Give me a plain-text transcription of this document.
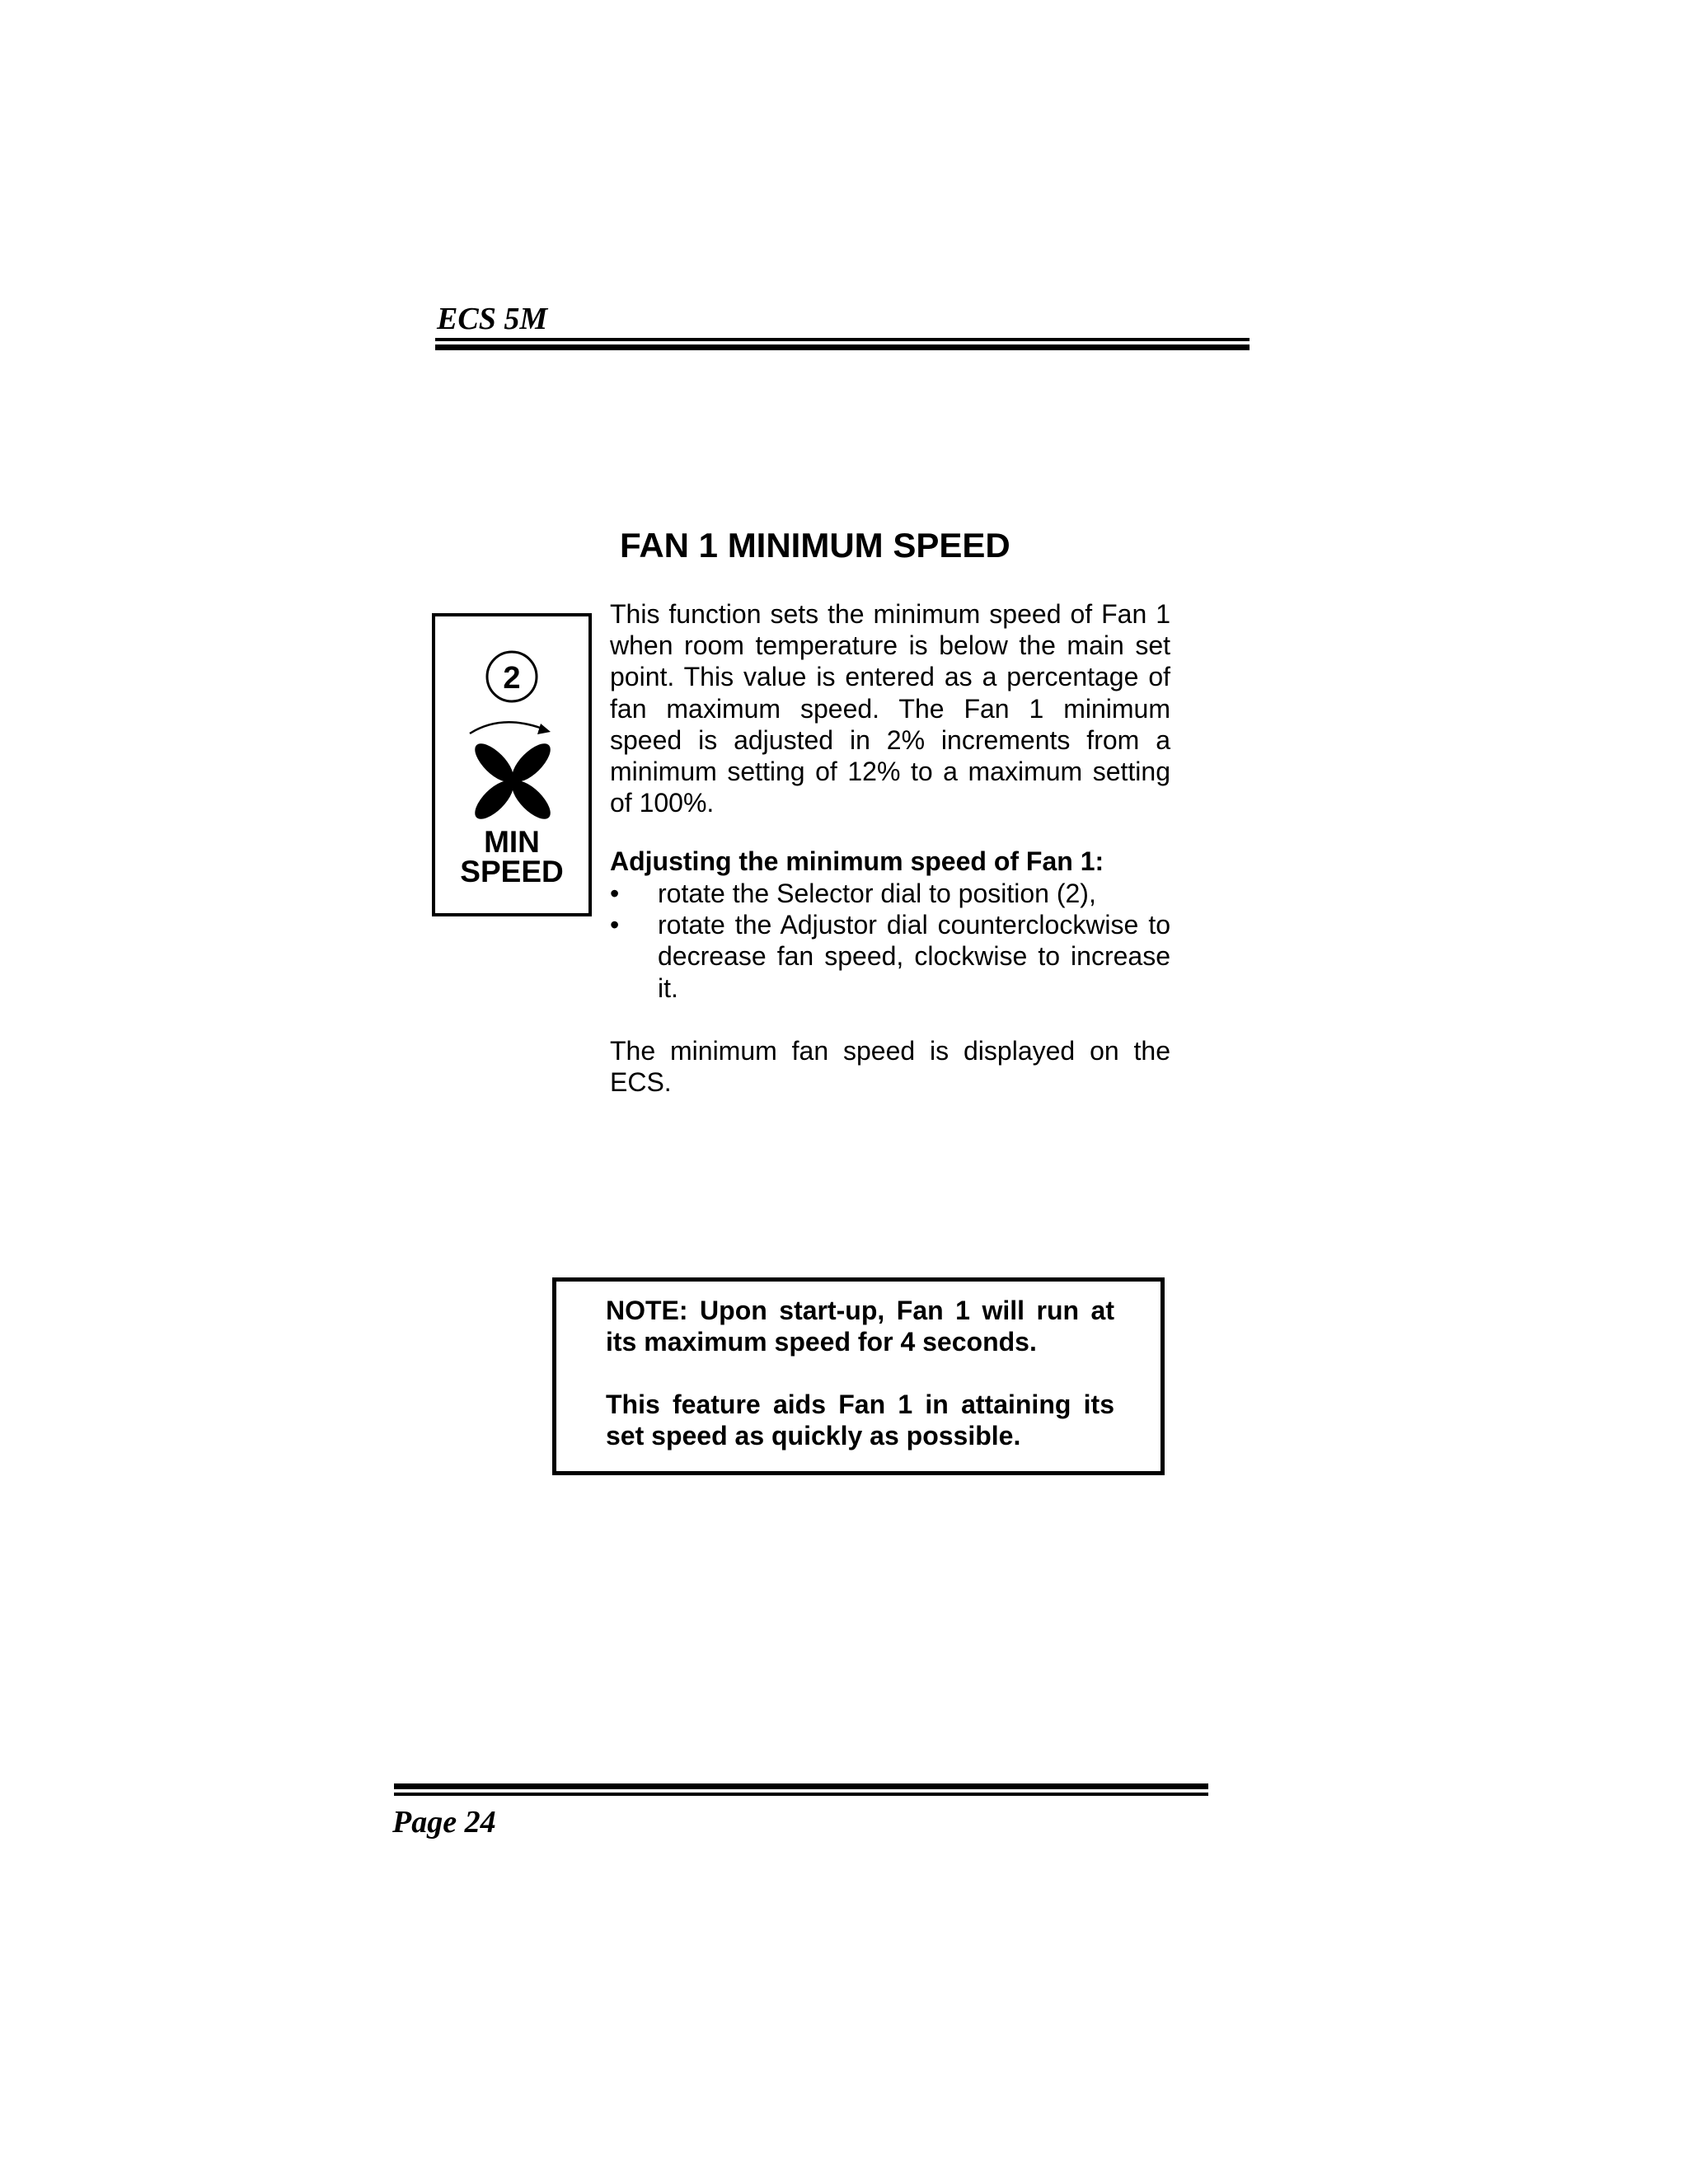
ECS 5M
FAN 1 MINIMUM SPEED
2
MIN
SPEED
This function sets the minimum speed of Fan 1 when room temperature is below the main set point. This value is entered as a percentage of fan maximum speed. The Fan 1 minimum speed is adjusted in 2% increments from a minimum setting of 12% to a maximum setting of 100%.
Adjusting the minimum speed of Fan 1:
• rotate the Selector dial to position (2),
• rotate the Adjustor dial counterclockwise to decrease fan speed, clockwise to increase it.
The minimum fan speed is displayed on the ECS.

NOTE: Upon start-up, Fan 1 will run at its maximum speed for 4 seconds.

This feature aids Fan 1 in attaining its set speed as quickly as possible.

Page 24
